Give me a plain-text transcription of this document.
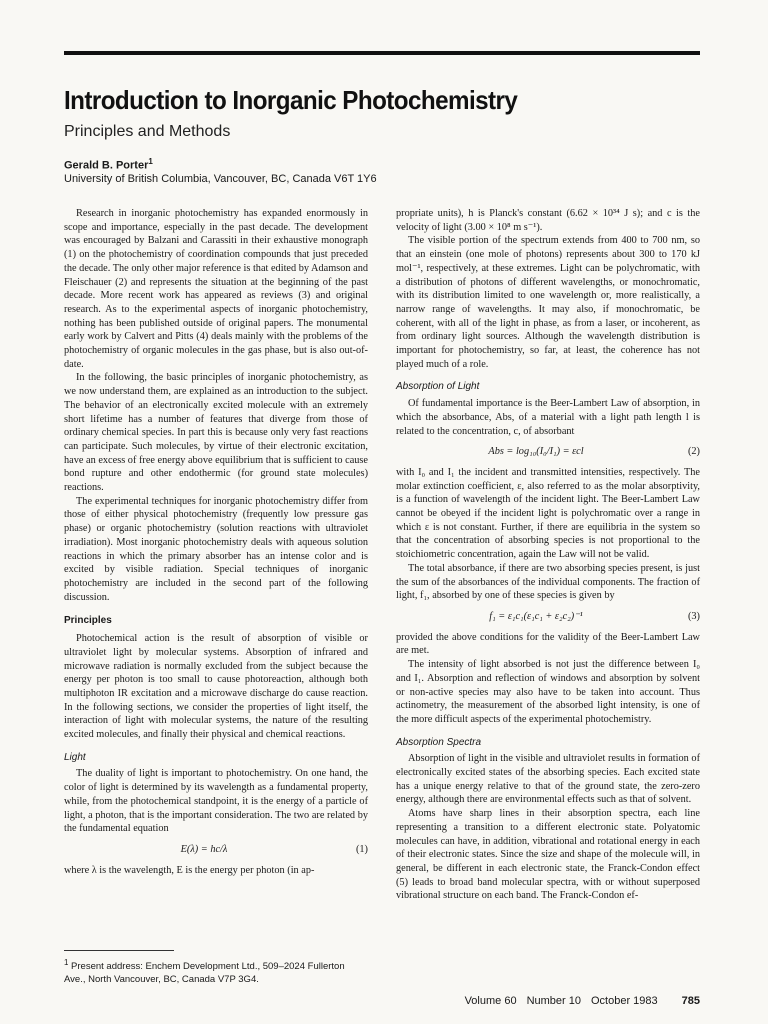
Introduction to Inorganic Photochemistry
Principles and Methods
Gerald B. Porter$^1$
University of British Columbia, Vancouver, BC, Canada V6T 1Y6

Research in inorganic photochemistry has expanded enormously in scope and importance, especially in the past decade. The development was encouraged by Balzani and Carassiti in their exhaustive monograph (1) on the photochemistry of coordination compounds that just preceded the decade. The only other major reference is that edited by Adamson and Fleischauer (2) and represents the situation at the beginning of the past decade. More recent work has appeared as reviews (3) and original research. As to the experimental aspects of inorganic photochemistry, nothing has been published outside of original papers. The monumental early work by Calvert and Pitts (4) deals mainly with the problems of the photochemistry of organic molecules in the gas phase, but is also out-of-date.

In the following, the basic principles of inorganic photochemistry, as we now understand them, are explained as an introduction to the subject. The behavior of an electronically excited molecule with an extremely short lifetime has a number of features that diverge from those of ordinary chemical species. In part this is because only very fast reactions can participate. Such molecules, by virtue of their electronic excitation, have an excess of free energy above equilibrium that is sufficient to cause bond rupture and other endothermic (for ground state molecules) reactions.

The experimental techniques for inorganic photochemistry differ from those of either physical photochemistry (frequently low pressure gas phase) or organic photochemistry (solution reactions with ultraviolet irradiation). Most inorganic photochemistry deals with aqueous solution reactions in which the primary absorber has an intense color and is excited by visible radiation. Special techniques of inorganic photochemistry are included in the second part of the following discussion.

Principles

Photochemical action is the result of absorption of visible or ultraviolet light by molecular systems. Absorption of infrared and microwave radiation is normally excluded from the subject because the energy per photon is too small to cause photoreaction, although both multiphoton IR excitation and a microwave discharge do cause reaction. In the following sections, we consider the properties of light itself, the interaction of light with molecular systems, the nature of the resulting excited molecules, and finally their physical and chemical reactions.

Light

The duality of light is important to photochemistry. On one hand, the color of light is determined by its wavelength as a fundamental property, while, from the photochemical standpoint, it is the energy of a particle of light, a photon, that is the important consideration. The two are related by the fundamental equation

E(λ) = hc/λ	(1)

where λ is the wavelength, E is the energy per photon (in ap-

propriate units), h is Planck's constant (6.62 × 10³⁴ J s); and c is the velocity of light (3.00 × 10⁸ m s⁻¹).

The visible portion of the spectrum extends from 400 to 700 nm, so that an einstein (one mole of photons) represents about 300 to 170 kJ mol⁻¹, respectively, at these extremes. Light can be polychromatic, with a distribution of photons of different wavelengths, or monochromatic, with its distribution limited to one wavelength or, more realistically, a narrow range of wavelengths. It may also, if monochromatic, be coherent, with all of the light in phase, as from a laser, or incoherent, as from ordinary light sources. Although the wavelength distribution is important for photochemistry, so far, at least, the coherence has not played much of a role.

Absorption of Light

Of fundamental importance is the Beer-Lambert Law of absorption, in which the absorbance, Abs, of a material with a light path length l is related to the concentration, c, of absorbant

Abs = log₁₀(I₀/I₁) = εcl	(2)

with I₀ and I₁ the incident and transmitted intensities, respectively. The molar extinction coefficient, ε, also referred to as the molar absorptivity, is a function of wavelength of the incident light. The Beer-Lambert Law cannot be obeyed if the incident light is polychromatic over a range in which ε is not constant. Further, if there are equilibria in the system so that the concentration of absorbing species is not proportional to the stoichiometric concentration, again the Law will not be valid.

The total absorbance, if there are two absorbing species present, is just the sum of the absorbances of the individual components. The fraction of light, f₁, absorbed by one of these species is given by

f₁ = ε₁c₁(ε₁c₁ + ε₂c₂)⁻¹	(3)

provided the above conditions for the validity of the Beer-Lambert Law are met.

The intensity of light absorbed is not just the difference between I₀ and I₁. Absorption and reflection of windows and absorption by solvent or non-active species may also have to be taken into account. Thus actinometry, the measurement of the absorbed light intensity, is one of the more difficult aspects of the experimental photochemistry.

Absorption Spectra

Absorption of light in the visible and ultraviolet results in formation of electronically excited states of the absorbing species. Each excited state has a unique energy relative to that of the ground state, the zero-zero energy, although there are environmental effects such as that of solvent.

Atoms have sharp lines in their absorption spectra, each line representing a transition to a different electronic state. Polyatomic molecules can have, in addition, vibrational and rotational energy in each of their electronic states. Since the size and shape of the molecule will, in general, be different in each electronic state, the Franck-Condon effect (5) leads to broad band molecular spectra, with or without superposed vibrational structure on each band. The Franck-Condon ef-

$^1$ Present address: Enchem Development Ltd., 509–2024 Fullerton Ave., North Vancouver, BC, Canada V7P 3G4.
Volume 60 Number 10 October 1983 785
